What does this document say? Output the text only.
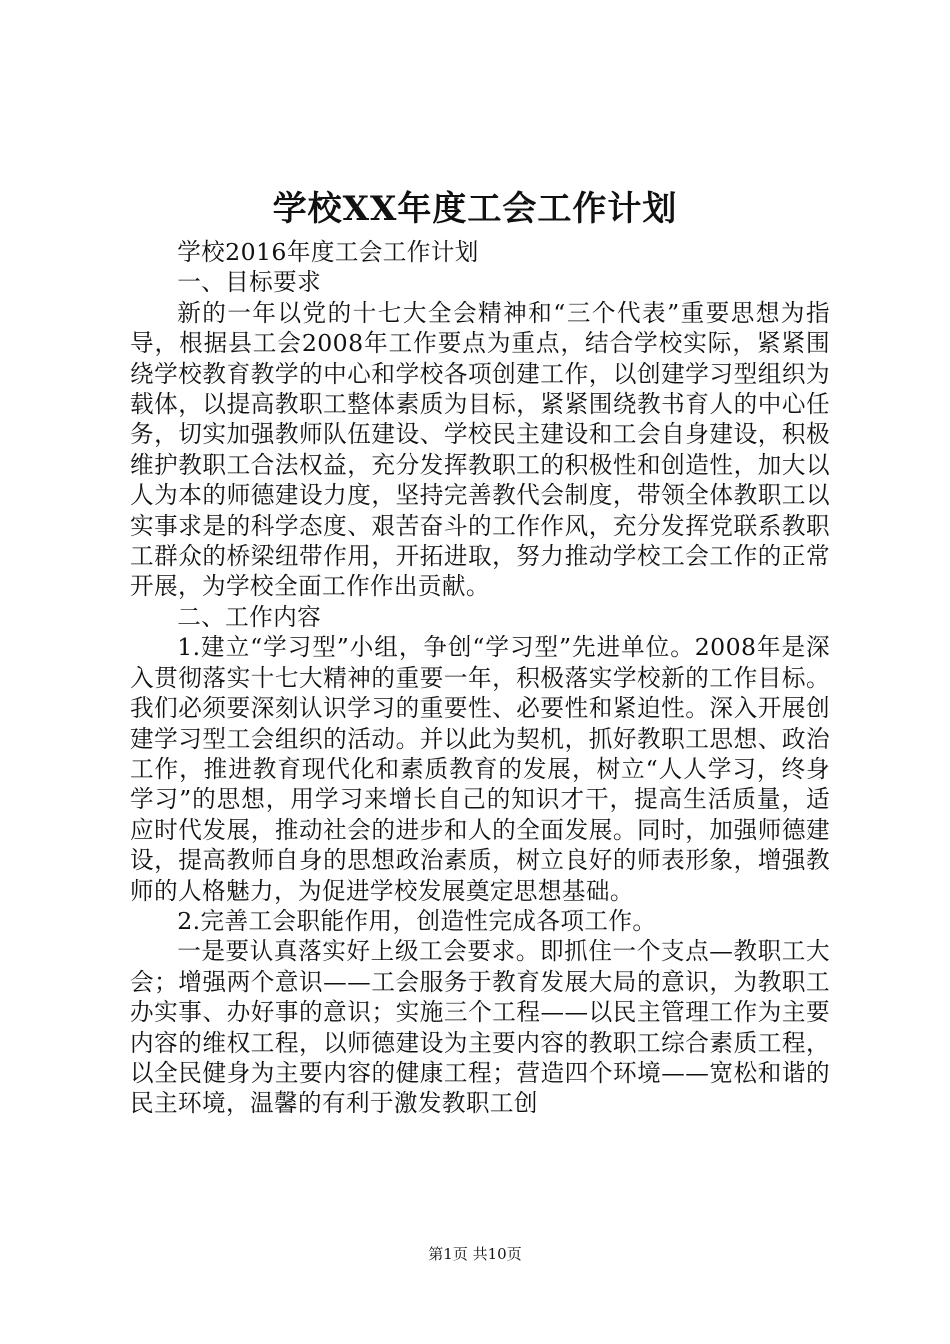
学校XX年度工会工作计划

学校2016年度工会工作计划

一、目标要求

新的一年以党的十七大全会精神和“三个代表”重要思想为指导，根据县工会2008年工作要点为重点，结合学校实际，紧紧围绕学校教育教学的中心和学校各项创建工作，以创建学习型组织为载体，以提高教职工整体素质为目标，紧紧围绕教书育人的中心任务，切实加强教师队伍建设、学校民主建设和工会自身建设，积极维护教职工合法权益，充分发挥教职工的积极性和创造性，加大以人为本的师德建设力度，坚持完善教代会制度，带领全体教职工以实事求是的科学态度、艰苦奋斗的工作作风，充分发挥党联系教职工群众的桥梁纽带作用，开拓进取，努力推动学校工会工作的正常开展，为学校全面工作作出贡献。

二、工作内容

1.建立“学习型”小组，争创“学习型”先进单位。2008年是深入贯彻落实十七大精神的重要一年，积极落实学校新的工作目标。我们必须要深刻认识学习的重要性、必要性和紧迫性。深入开展创建学习型工会组织的活动。并以此为契机，抓好教职工思想、政治工作，推进教育现代化和素质教育的发展，树立“人人学习，终身学习”的思想，用学习来增长自己的知识才干，提高生活质量，适应时代发展，推动社会的进步和人的全面发展。同时，加强师德建设，提高教师自身的思想政治素质，树立良好的师表形象，增强教师的人格魅力，为促进学校发展奠定思想基础。

2.完善工会职能作用，创造性完成各项工作。

一是要认真落实好上级工会要求。即抓住一个支点—教职工大会；增强两个意识——工会服务于教育发展大局的意识，为教职工办实事、办好事的意识；实施三个工程——以民主管理工作为主要内容的维权工程，以师德建设为主要内容的教职工综合素质工程，以全民健身为主要内容的健康工程；营造四个环境——宽松和谐的民主环境，温馨的有利于激发教职工创

第1页 共10页
